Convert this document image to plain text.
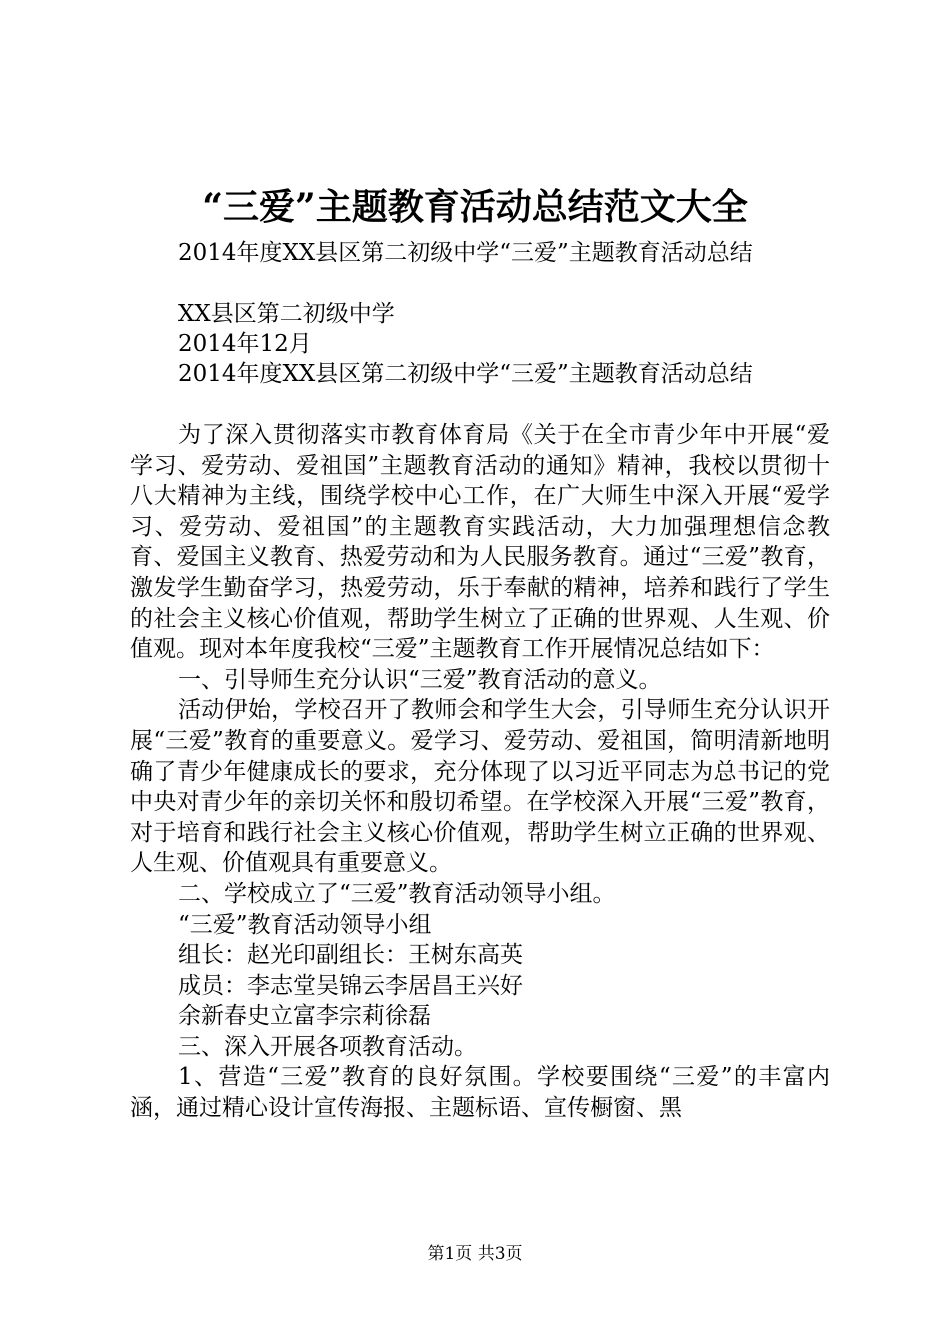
“三爱”主题教育活动总结范文大全
2014年度XX县区第二初级中学“三爱”主题教育活动总结
XX县区第二初级中学
2014年12月
2014年度XX县区第二初级中学“三爱”主题教育活动总结

为了深入贯彻落实市教育体育局《关于在全市青少年中开展“爱学习、爱劳动、爱祖国”主题教育活动的通知》精神，我校以贯彻十八大精神为主线，围绕学校中心工作，在广大师生中深入开展“爱学习、爱劳动、爱祖国”的主题教育实践活动，大力加强理想信念教育、爱国主义教育、热爱劳动和为人民服务教育。通过“三爱”教育，激发学生勤奋学习，热爱劳动，乐于奉献的精神，培养和践行了学生的社会主义核心价值观，帮助学生树立了正确的世界观、人生观、价值观。现对本年度我校“三爱”主题教育工作开展情况总结如下：

一、引导师生充分认识“三爱”教育活动的意义。

活动伊始，学校召开了教师会和学生大会，引导师生充分认识开展“三爱”教育的重要意义。爱学习、爱劳动、爱祖国，简明清新地明确了青少年健康成长的要求，充分体现了以习近平同志为总书记的党中央对青少年的亲切关怀和殷切希望。在学校深入开展“三爱”教育，对于培育和践行社会主义核心价值观，帮助学生树立正确的世界观、人生观、价值观具有重要意义。

二、学校成立了“三爱”教育活动领导小组。

“三爱”教育活动领导小组

组长：赵光印副组长：王树东高英

成员：李志堂吴锦云李居昌王兴好

余新春史立富李宗莉徐磊

三、深入开展各项教育活动。

1、营造“三爱”教育的良好氛围。学校要围绕“三爱”的丰富内涵，通过精心设计宣传海报、主题标语、宣传橱窗、黑

第1页 共3页
